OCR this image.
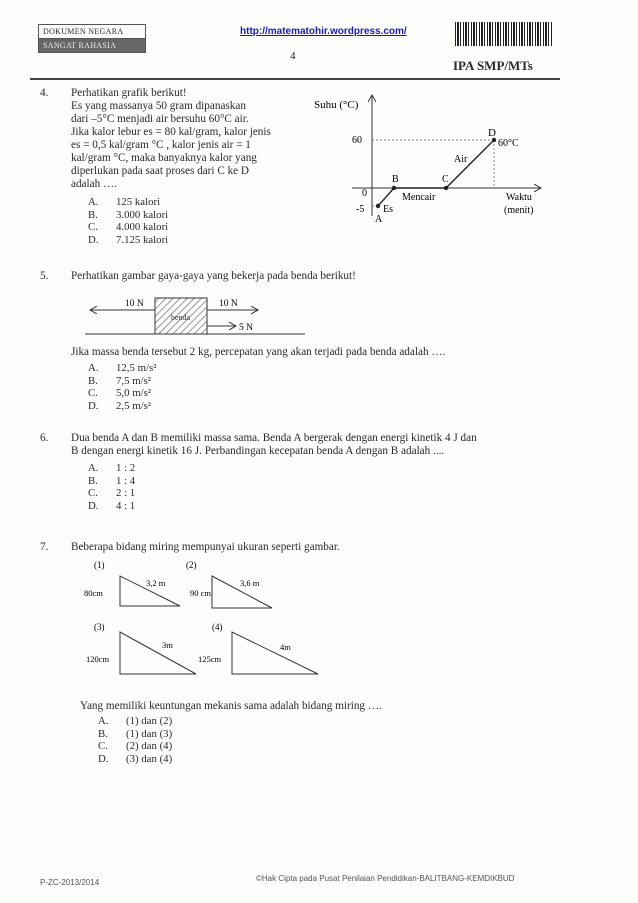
DOKUMEN NEGARA
SANGAT RAHASIA
http://matematohir.wordpress.com/
4
IPA SMP/MTs
4. Perhatikan grafik berikut!
Es yang massanya 50 gram dipanaskan
dari –5°C menjadi air bersuhu 60°C air.
Jika kalor lebur es = 80 kal/gram, kalor jenis
es = 0,5 kal/gram °C , kalor jenis air = 1
kal/gram °C, maka banyaknya kalor yang
diperlukan pada saat proses dari C ke D
adalah ….
A. 125 kalori
B. 3.000 kalori
C. 4.000 kalori
D. 7.125 kalori
Suhu (°C)
60
0
-5
D
60°C
Air
B	C
Mencair
A
Es
Waktu
(menit)
5. Perhatikan gambar gaya-gaya yang bekerja pada benda berikut!
benda
10 N	10 N
5 N
Jika massa benda tersebut 2 kg, percepatan yang akan terjadi pada benda adalah ….
A. 12,5 m/s²
B. 7,5 m/s²
C. 5,0 m/s²
D. 2,5 m/s²
6. Dua benda A dan B memiliki massa sama. Benda A bergerak dengan energi kinetik 4 J dan
B dengan energi kinetik 16 J. Perbandingan kecepatan benda A dengan B adalah ....
A. 1 : 2
B. 1 : 4
C. 2 : 1
D. 4 : 1
7. Beberapa bidang miring mempunyai ukuran seperti gambar.
(1)
80cm
3,2 m
(2)
90 cm
3,6 m
(3)
120cm
3m
(4)
125cm
4m
Yang memiliki keuntungan mekanis sama adalah bidang miring ….
A. (1) dan (2)
B. (1) dan (3)
C. (2) dan (4)
D. (3) dan (4)
P-ZC-2013/2014	©Hak Cipta pada Pusat Penilaian Pendidikan-BALITBANG-KEMDIKBUD
